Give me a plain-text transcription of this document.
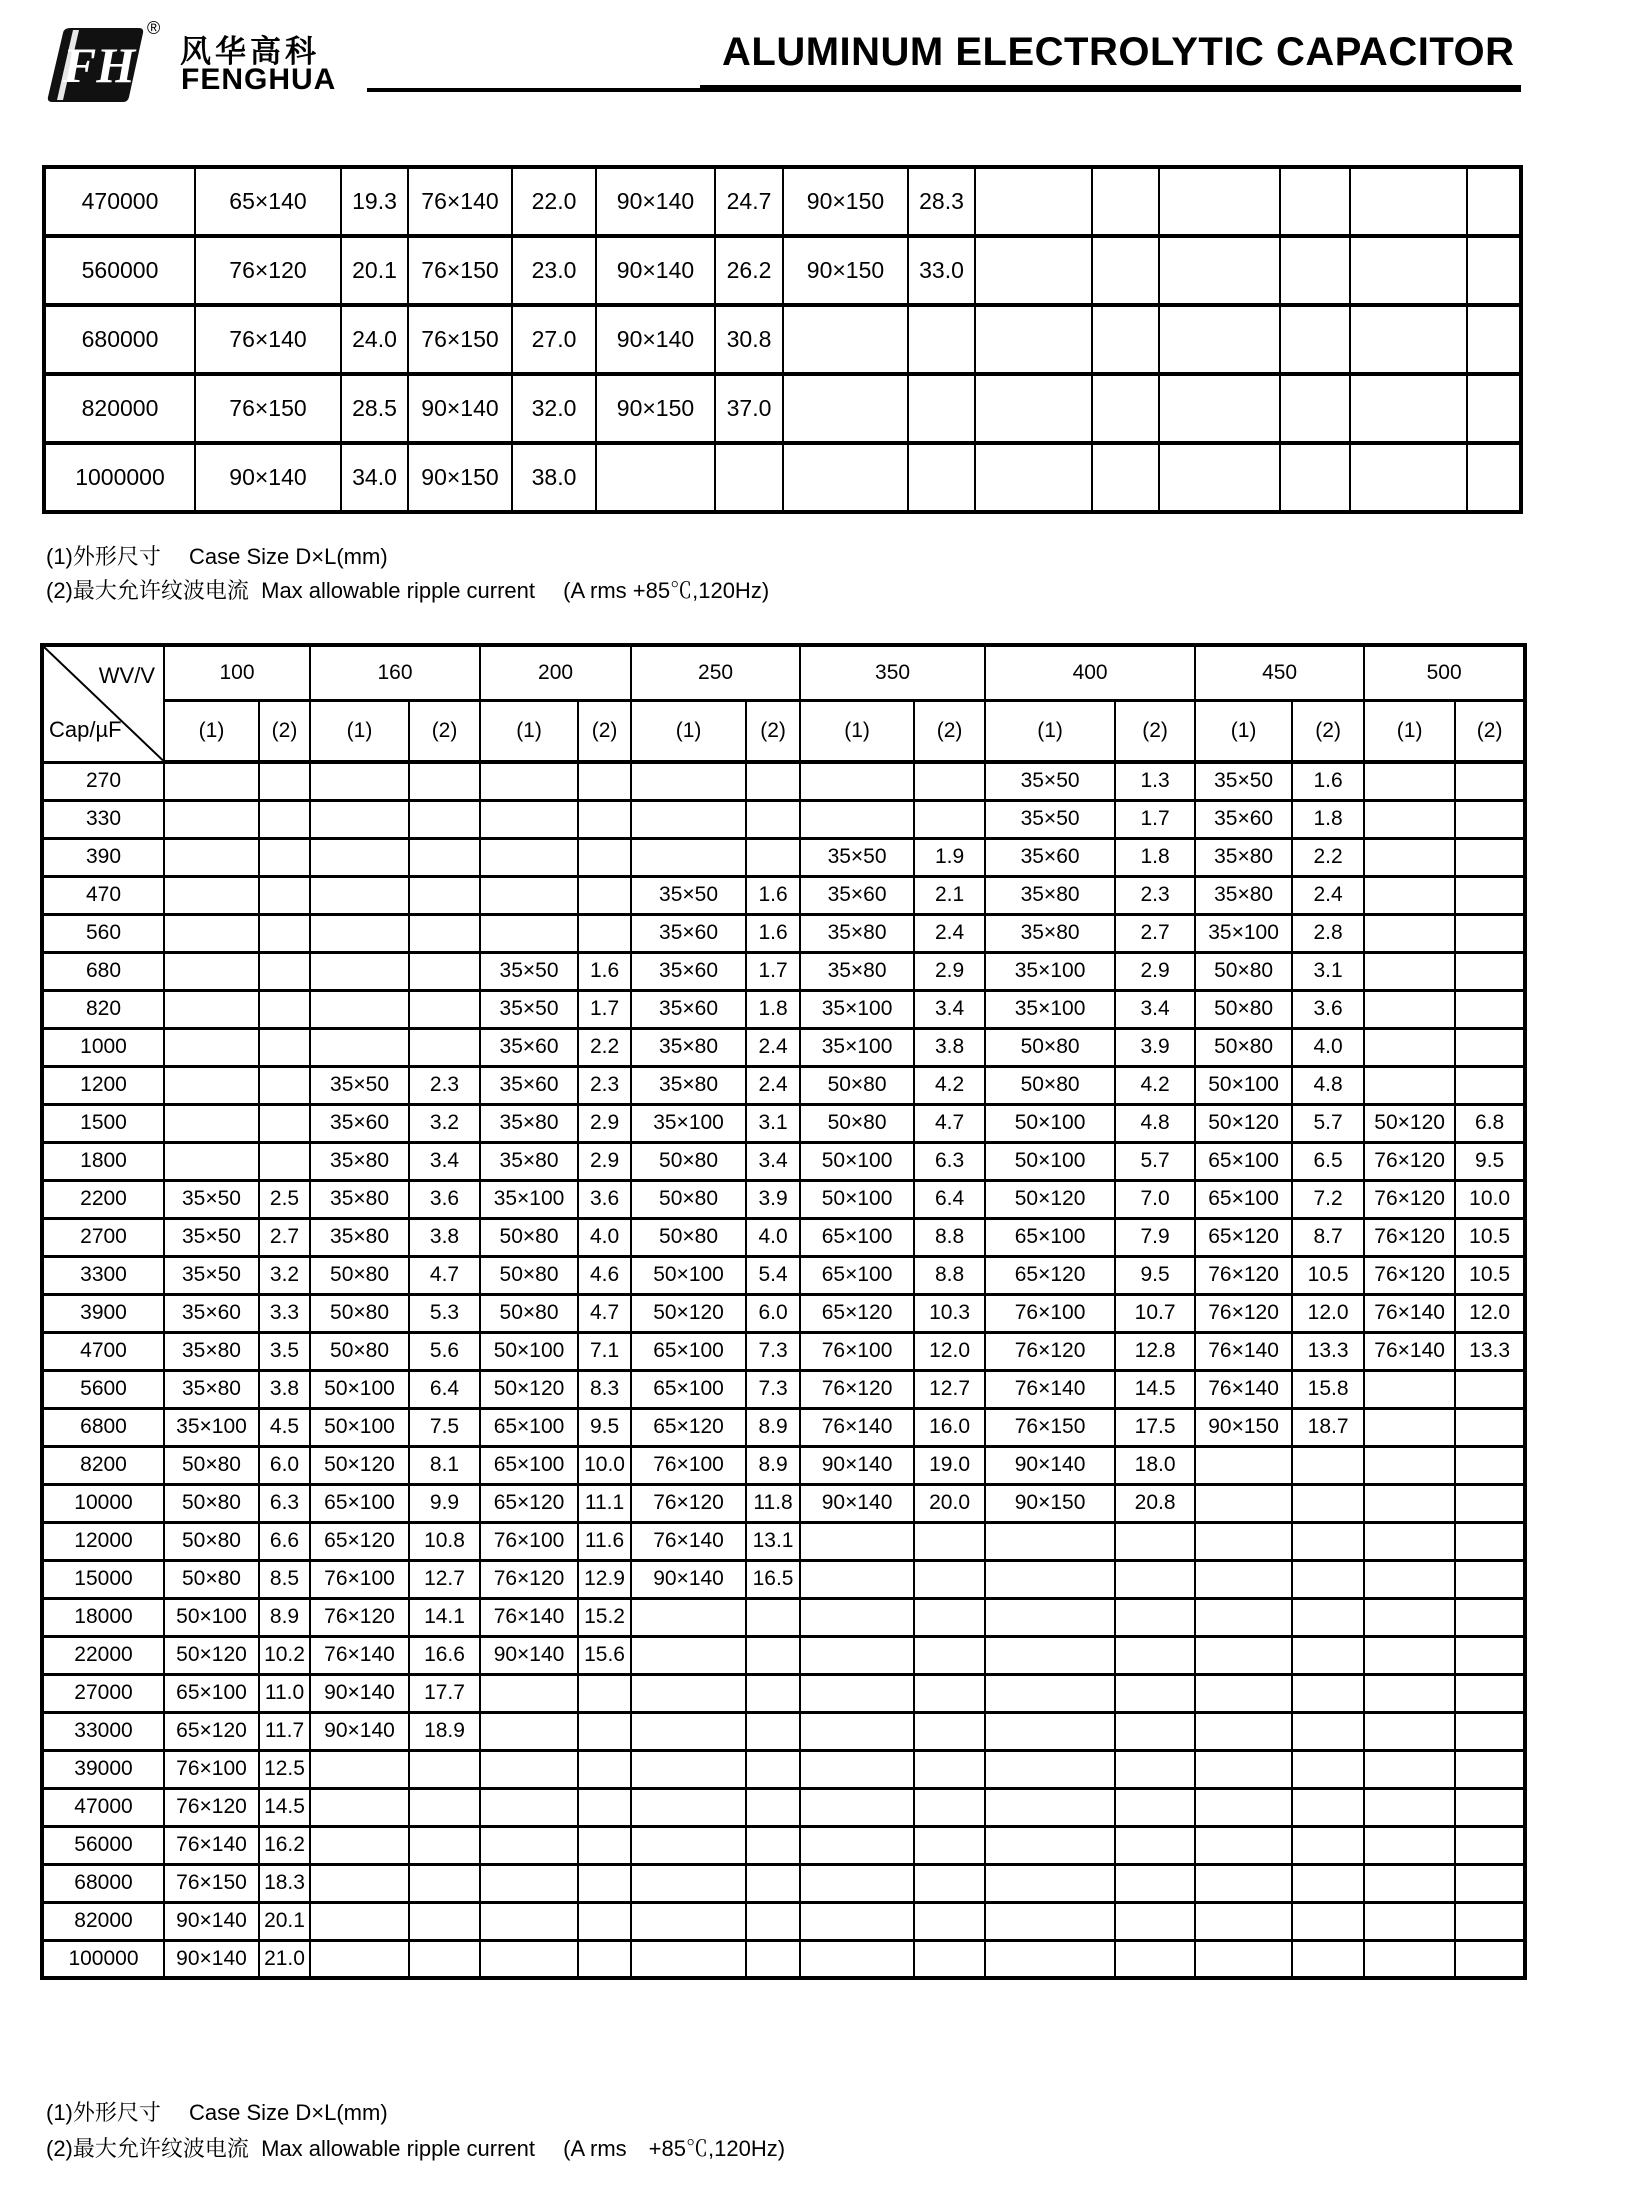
FH
®
风华高科
FENGHUA
ALUMINUM ELECTROLYTIC CAPACITOR
470000	65×140	19.3	76×140	22.0	90×140	24.7	90×150	28.3						
560000	76×120	20.1	76×150	23.0	90×140	26.2	90×150	33.0						
680000	76×140	24.0	76×150	27.0	90×140	30.8								
820000	76×150	28.5	90×140	32.0	90×150	37.0								
1000000	90×140	34.0	90×150	38.0										
(1)外形尺寸　 Case Size D×L(mm)
(2)最大允许纹波电流  Max allowable ripple current　 (A rms +85℃,120Hz)
WV/V
Cap/µF	100		160		200		250		350		400		450		500	
	(1)	(2)	(1)	(2)	(1)	(2)	(1)	(2)	(1)	(2)	(1)	(2)	(1)	(2)	(1)	(2)
270											35×50	1.3	35×50	1.6		
330											35×50	1.7	35×60	1.8		
390									35×50	1.9	35×60	1.8	35×80	2.2		
470							35×50	1.6	35×60	2.1	35×80	2.3	35×80	2.4		
560							35×60	1.6	35×80	2.4	35×80	2.7	35×100	2.8		
680					35×50	1.6	35×60	1.7	35×80	2.9	35×100	2.9	50×80	3.1		
820					35×50	1.7	35×60	1.8	35×100	3.4	35×100	3.4	50×80	3.6		
1000					35×60	2.2	35×80	2.4	35×100	3.8	50×80	3.9	50×80	4.0		
1200			35×50	2.3	35×60	2.3	35×80	2.4	50×80	4.2	50×80	4.2	50×100	4.8		
1500			35×60	3.2	35×80	2.9	35×100	3.1	50×80	4.7	50×100	4.8	50×120	5.7	50×120	6.8
1800			35×80	3.4	35×80	2.9	50×80	3.4	50×100	6.3	50×100	5.7	65×100	6.5	76×120	9.5
2200	35×50	2.5	35×80	3.6	35×100	3.6	50×80	3.9	50×100	6.4	50×120	7.0	65×100	7.2	76×120	10.0
2700	35×50	2.7	35×80	3.8	50×80	4.0	50×80	4.0	65×100	8.8	65×100	7.9	65×120	8.7	76×120	10.5
3300	35×50	3.2	50×80	4.7	50×80	4.6	50×100	5.4	65×100	8.8	65×120	9.5	76×120	10.5	76×120	10.5
3900	35×60	3.3	50×80	5.3	50×80	4.7	50×120	6.0	65×120	10.3	76×100	10.7	76×120	12.0	76×140	12.0
4700	35×80	3.5	50×80	5.6	50×100	7.1	65×100	7.3	76×100	12.0	76×120	12.8	76×140	13.3	76×140	13.3
5600	35×80	3.8	50×100	6.4	50×120	8.3	65×100	7.3	76×120	12.7	76×140	14.5	76×140	15.8		
6800	35×100	4.5	50×100	7.5	65×100	9.5	65×120	8.9	76×140	16.0	76×150	17.5	90×150	18.7		
8200	50×80	6.0	50×120	8.1	65×100	10.0	76×100	8.9	90×140	19.0	90×140	18.0				
10000	50×80	6.3	65×100	9.9	65×120	11.1	76×120	11.8	90×140	20.0	90×150	20.8				
12000	50×80	6.6	65×120	10.8	76×100	11.6	76×140	13.1								
15000	50×80	8.5	76×100	12.7	76×120	12.9	90×140	16.5								
18000	50×100	8.9	76×120	14.1	76×140	15.2										
22000	50×120	10.2	76×140	16.6	90×140	15.6										
27000	65×100	11.0	90×140	17.7												
33000	65×120	11.7	90×140	18.9												
39000	76×100	12.5														
47000	76×120	14.5														
56000	76×140	16.2														
68000	76×150	18.3														
82000	90×140	20.1														
100000	90×140	21.0														
(1)外形尺寸　 Case Size D×L(mm)
(2)最大允许纹波电流  Max allowable ripple current　 (A rms　+85℃,120Hz)
